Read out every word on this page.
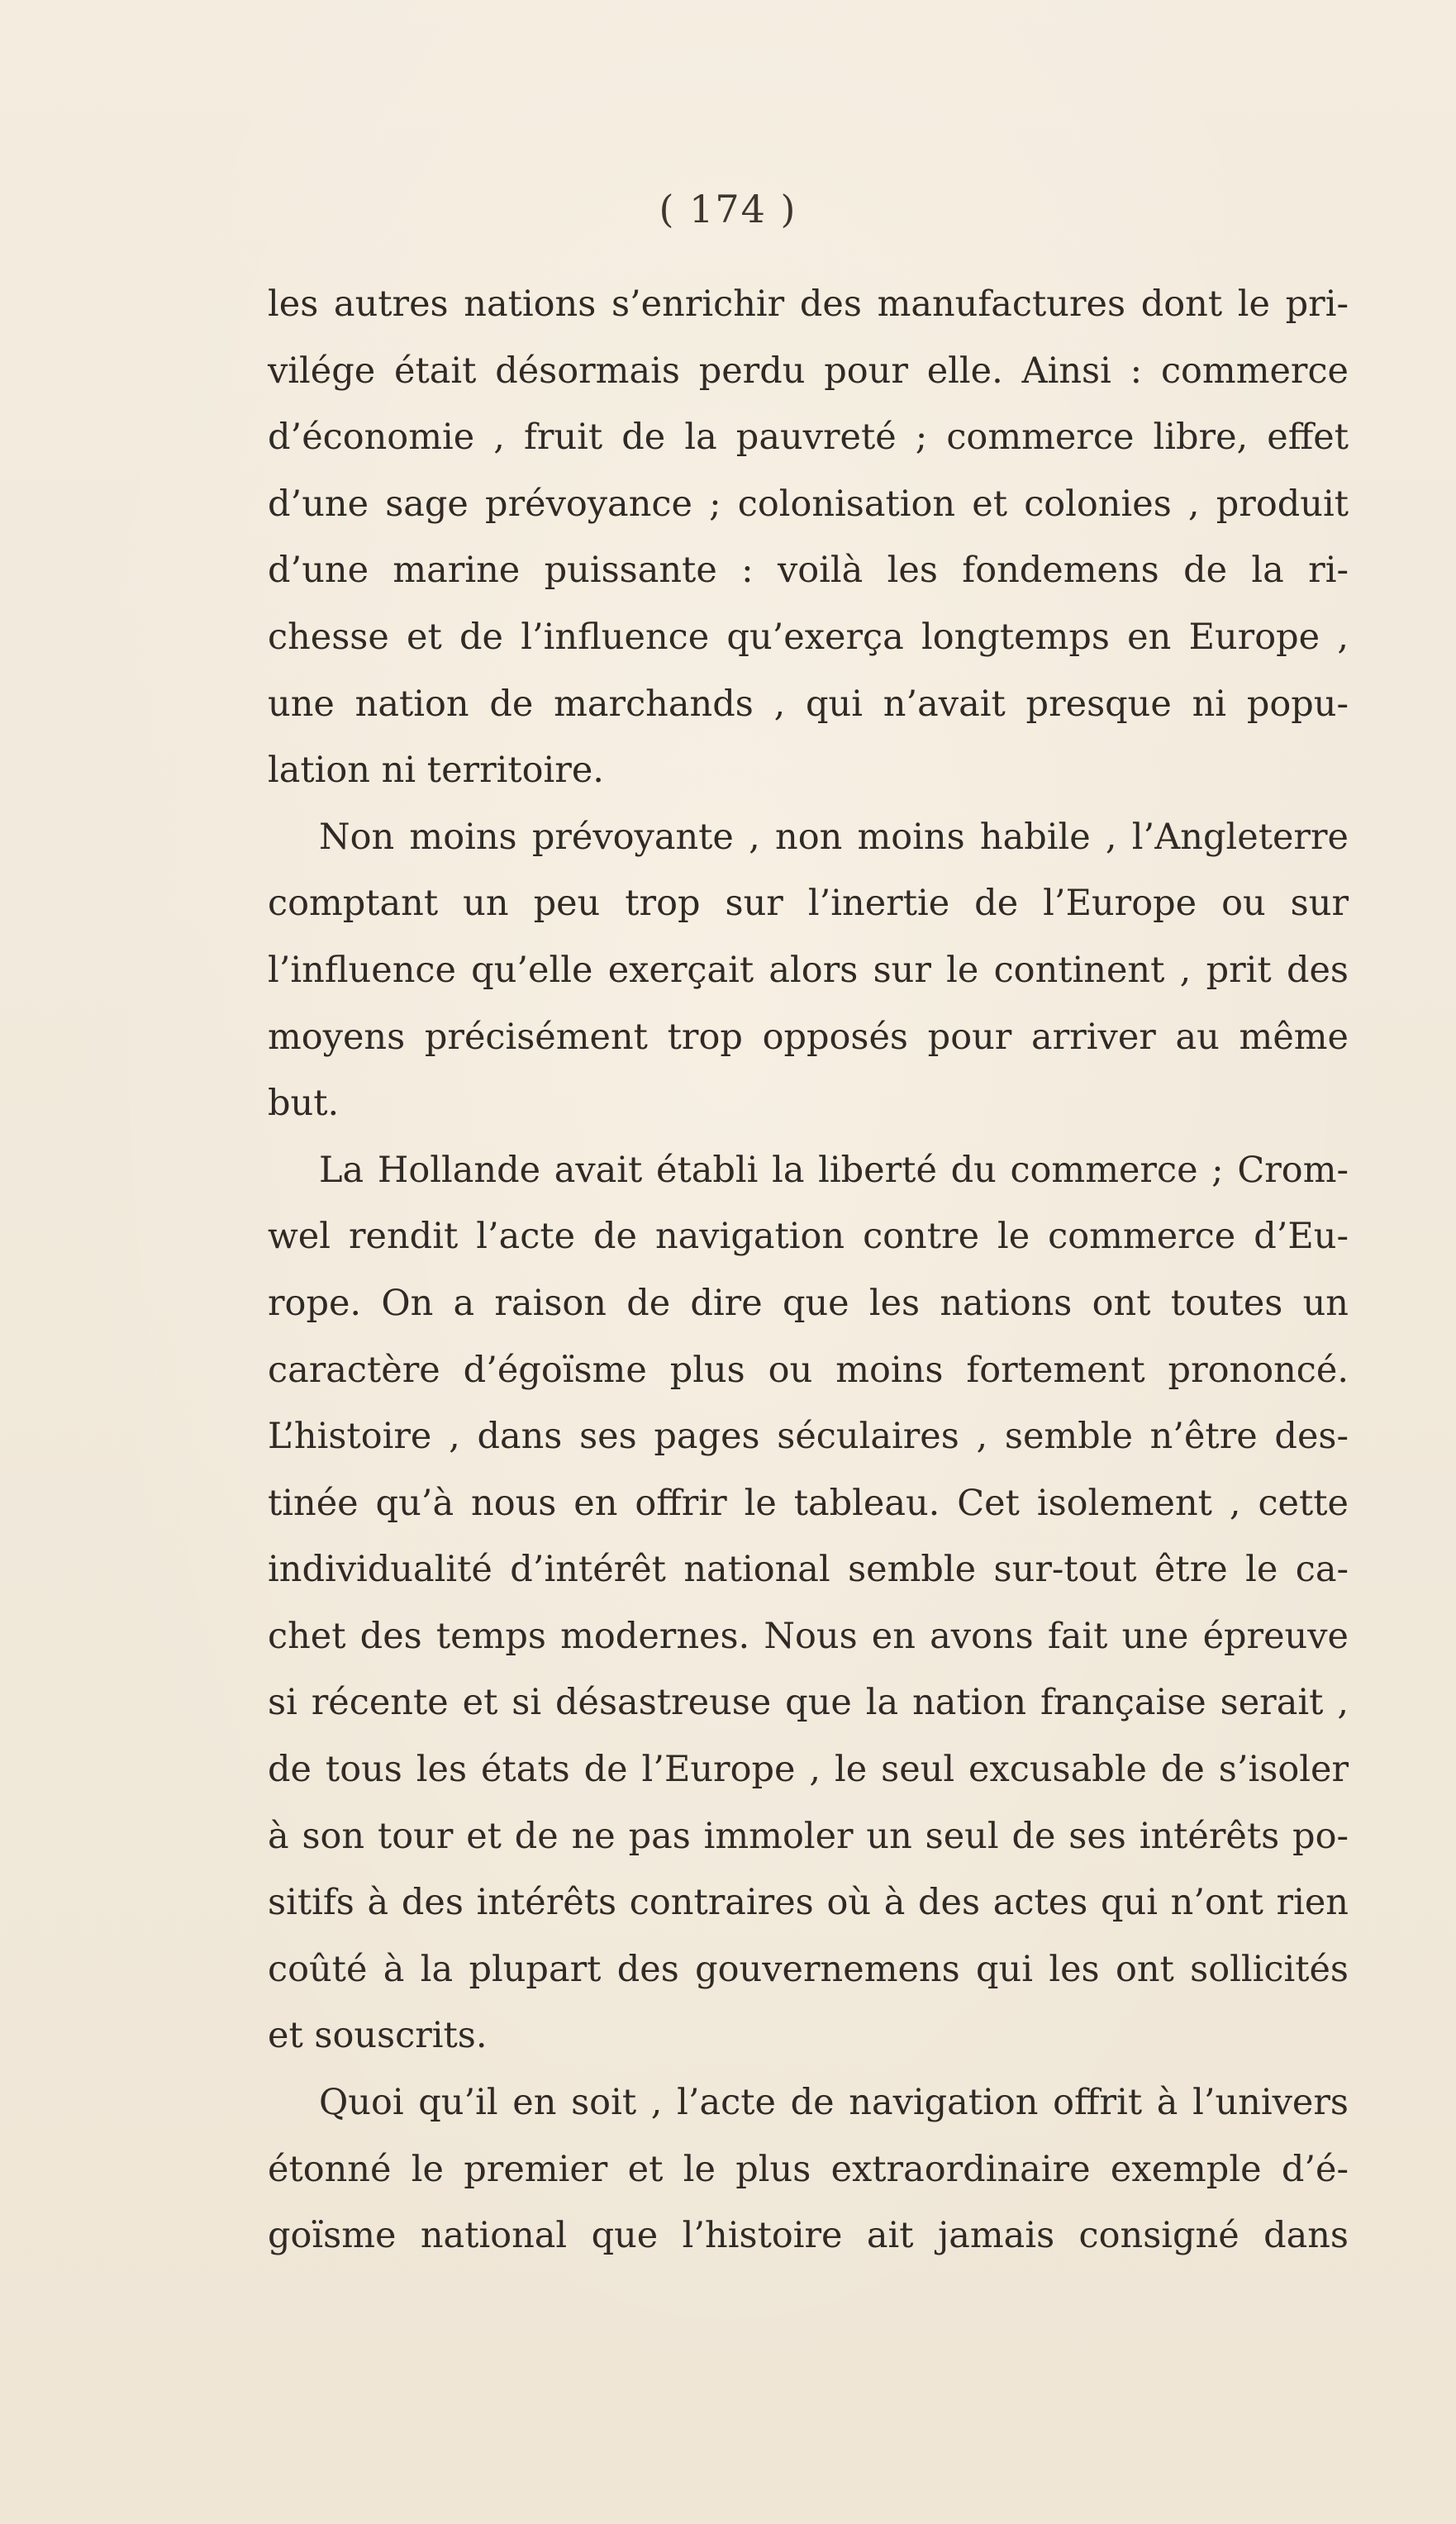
( 174 )
les autres nations s’enrichir des manufactures dont le pri-
vilége était désormais perdu pour elle. Ainsi : commerce
d’économie , fruit de la pauvreté ; commerce libre, effet
d’une sage prévoyance ; colonisation et colonies , produit
d’une marine puissante : voilà les fondemens de la ri-
chesse et de l’influence qu’exerça longtemps en Europe ,
une nation de marchands , qui n’avait presque ni popu-
lation ni territoire.
Non moins prévoyante , non moins habile , l’Angleterre
comptant un peu trop sur l’inertie de l’Europe ou sur
l’influence qu’elle exerçait alors sur le continent , prit des
moyens précisément trop opposés pour arriver au même
but.
La Hollande avait établi la liberté du commerce ; Crom-
wel rendit l’acte de navigation contre le commerce d’Eu-
rope. On a raison de dire que les nations ont toutes un
caractère d’égoïsme plus ou moins fortement prononcé.
L’histoire , dans ses pages séculaires , semble n’être des-
tinée qu’à nous en offrir le tableau. Cet isolement , cette
individualité d’intérêt national semble sur-tout être le ca-
chet des temps modernes. Nous en avons fait une épreuve
si récente et si désastreuse que la nation française serait ,
de tous les états de l’Europe , le seul excusable de s’isoler
à son tour et de ne pas immoler un seul de ses intérêts po-
sitifs à des intérêts contraires où à des actes qui n’ont rien
coûté à la plupart des gouvernemens qui les ont sollicités
et souscrits.
Quoi qu’il en soit , l’acte de navigation offrit à l’univers
étonné le premier et le plus extraordinaire exemple d’é-
goïsme national que l’histoire ait jamais consigné dans
